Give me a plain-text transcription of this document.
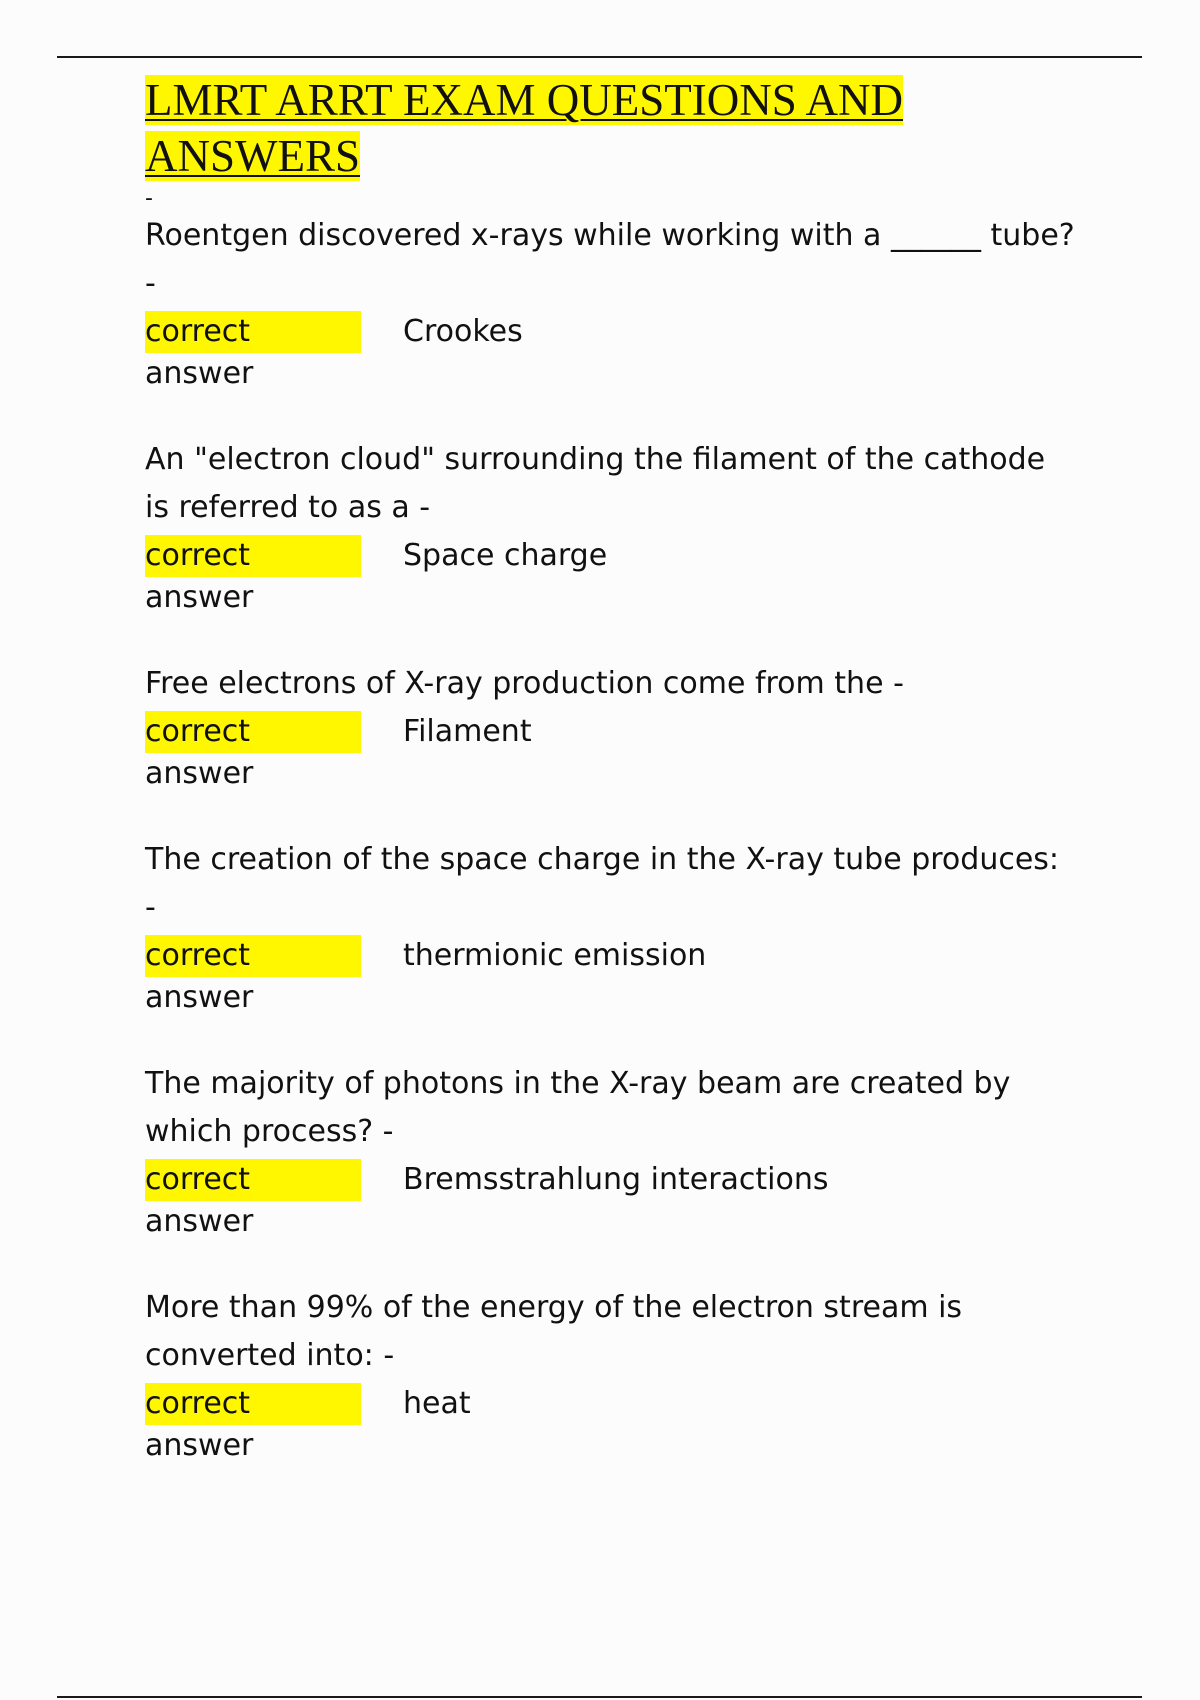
LMRT ARRT EXAM QUESTIONS AND ANSWERS
-

Roentgen discovered x-rays while working with a ______ tube? -

correct answer
Crookes

An "electron cloud" surrounding the filament of the cathode is referred to as a -

correct answer
Space charge

Free electrons of X-ray production come from the -

correct answer
Filament

The creation of the space charge in the X-ray tube produces: -

correct answer
thermionic emission

The majority of photons in the X-ray beam are created by which process? -

correct answer
Bremsstrahlung interactions

More than 99% of the energy of the electron stream is converted into: -

correct answer
heat
